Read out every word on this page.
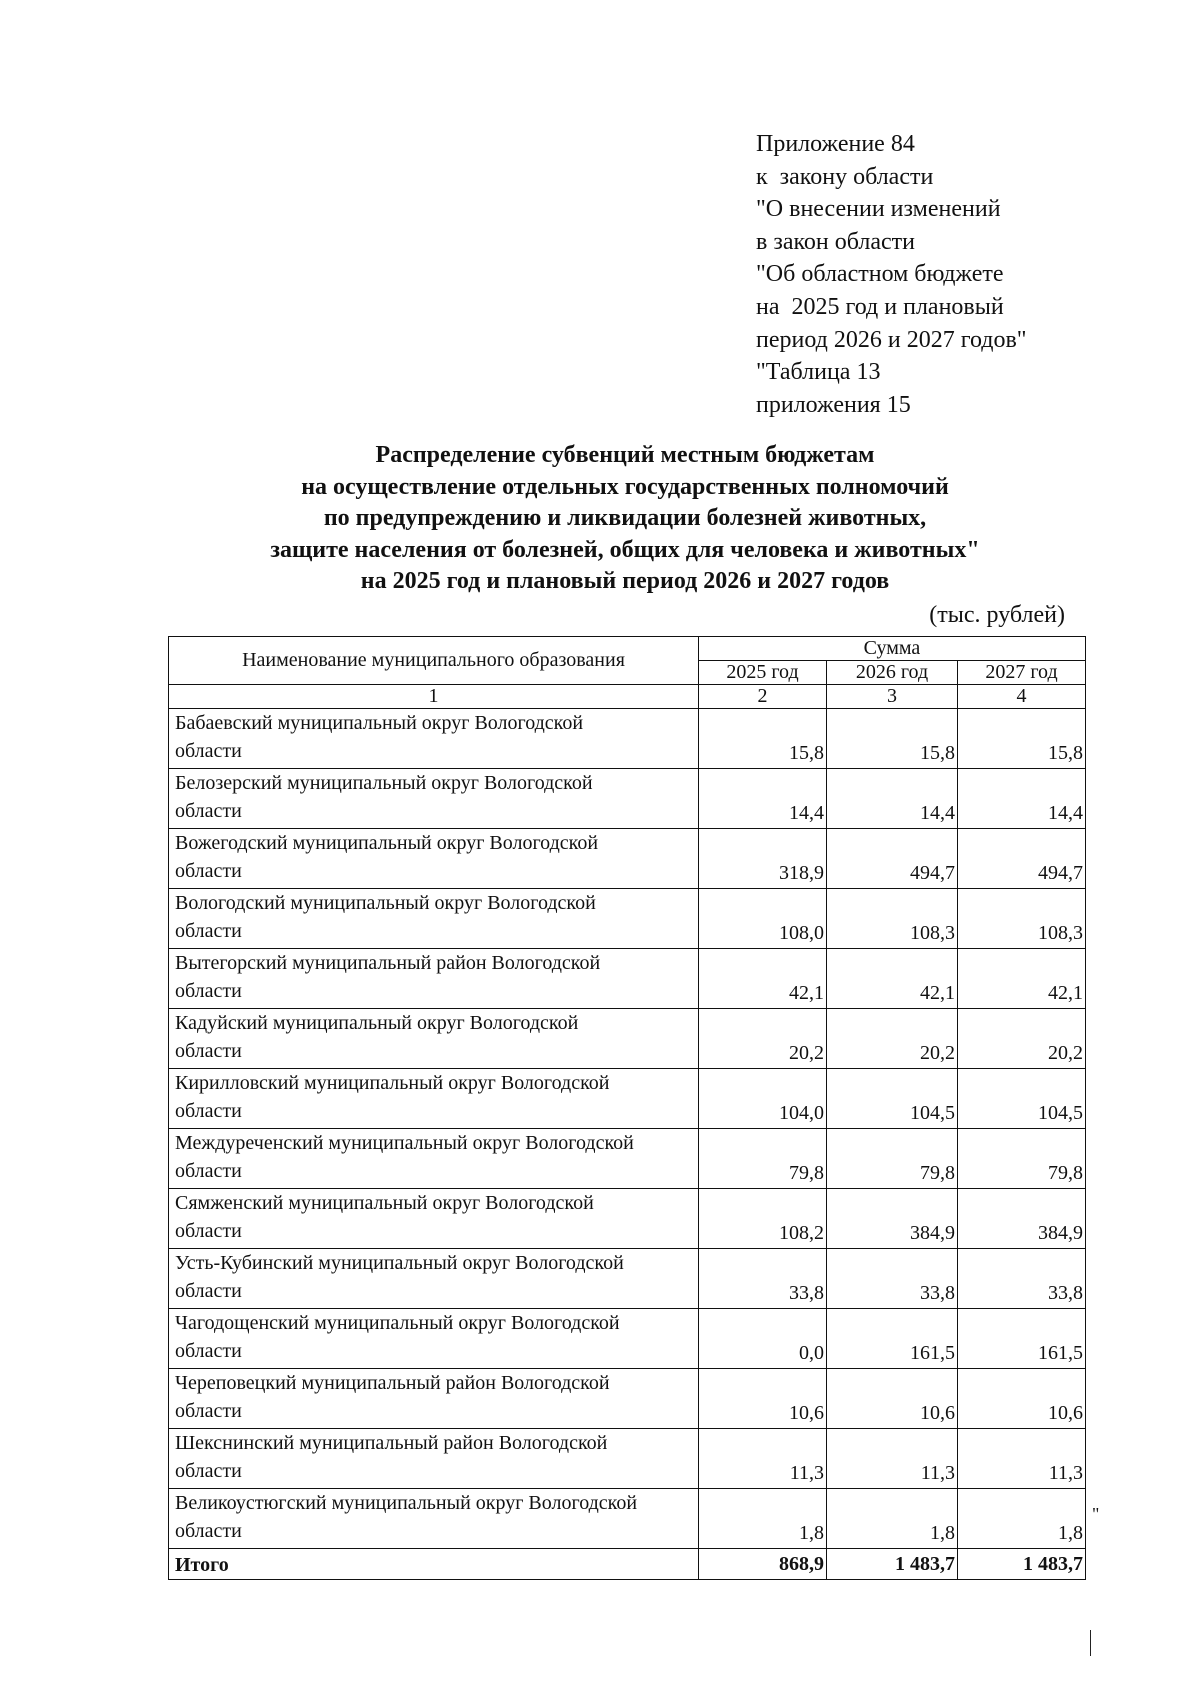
Приложение 84
к  закону области
"О внесении изменений
в закон области
"Об областном бюджете
на  2025 год и плановый
период 2026 и 2027 годов"
"Таблица 13
приложения 15
Распределение субвенций местным бюджетам
на осуществление отдельных государственных полномочий
по предупреждению и ликвидации болезней животных,
защите населения от болезней, общих для человека и животных"
на 2025 год и плановый период 2026 и 2027 годов
(тыс. рублей)
Наименование муниципального образования	Сумма		
	2025 год	2026 год	2027 год
1	2	3	4

Бабаевский муниципальный округ Вологодской
области	15,8	15,8	15,8

Белозерский муниципальный округ Вологодской
области	14,4	14,4	14,4

Вожегодский муниципальный округ Вологодской
области	318,9	494,7	494,7

Вологодский муниципальный округ Вологодской
области	108,0	108,3	108,3

Вытегорский муниципальный район Вологодской
области	42,1	42,1	42,1

Кадуйский муниципальный округ Вологодской
области	20,2	20,2	20,2

Кирилловский муниципальный округ Вологодской
области	104,0	104,5	104,5

Междуреченский муниципальный округ Вологодской
области	79,8	79,8	79,8

Сямженский муниципальный округ Вологодской
области	108,2	384,9	384,9

Усть-Кубинский муниципальный округ Вологодской
области	33,8	33,8	33,8

Чагодощенский муниципальный округ Вологодской
области	0,0	161,5	161,5

Череповецкий муниципальный район Вологодской
области	10,6	10,6	10,6

Шекснинский муниципальный район Вологодской
области	11,3	11,3	11,3

Великоустюгский муниципальный округ Вологодской
области	1,8	1,8	1,8
Итого	868,9	1 483,7	1 483,7
"
